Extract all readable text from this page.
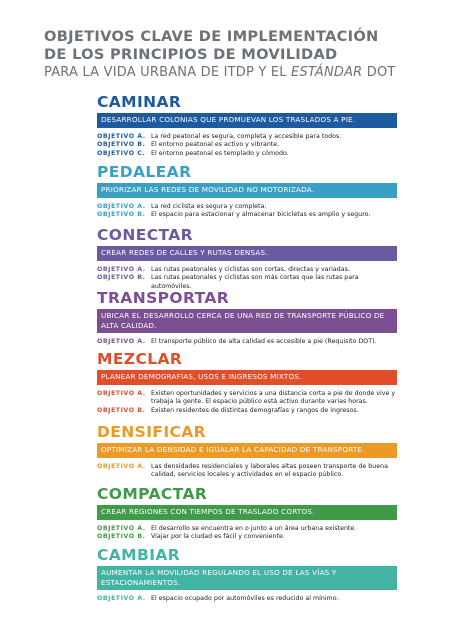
OBJETIVOS CLAVE DE IMPLEMENTACIÓN
DE LOS PRINCIPIOS DE MOVILIDAD
PARA LA VIDA URBANA DE ITDP Y EL ESTÁNDAR DOT
CAMINAR
DESARROLLAR COLONIAS QUE PROMUEVAN LOS TRASLADOS A PIE.
OBJETIVO A. La red peatonal es segura, completa y accesible para todos.
OBJETIVO B. El entorno peatonal es activo y vibrante.
OBJETIVO C. El entorno peatonal es templado y cómodo.
PEDALEAR
PRIORIZAR LAS REDES DE MOVILIDAD NO MOTORIZADA.
OBJETIVO A. La red ciclista es segura y completa.
OBJETIVO B. El espacio para estacionar y almacenar bicicletas es amplio y seguro.
CONECTAR
CREAR REDES DE CALLES Y RUTAS DENSAS.
OBJETIVO A. Las rutas peatonales y ciclistas son cortas, directas y variadas.
OBJETIVO B. Las rutas peatonales y ciclistas son más cortas que las rutas para automóviles.
TRANSPORTAR
UBICAR EL DESARROLLO CERCA DE UNA RED DE TRANSPORTE PÚBLICO DE ALTA CALIDAD.
OBJETIVO A. El transporte público de alta calidad es accesible a pie (Requisito DOT).
MEZCLAR
PLANEAR DEMOGRAFÍAS, USOS E INGRESOS MIXTOS.
OBJETIVO A. Existen oportunidades y servicios a una distancia corta a pie de donde vive y trabaja la gente. El espacio público está activo durante varias horas.
OBJETIVO B. Existen residentes de distintas demografías y rangos de ingresos.
DENSIFICAR
OPTIMIZAR LA DENSIDAD E IGUALAR LA CAPACIDAD DE TRANSPORTE.
OBJETIVO A. Las densidades residenciales y laborales altas poseen transporte de buena calidad, servicios locales y actividades en el espacio público.
COMPACTAR
CREAR REGIONES CON TIEMPOS DE TRASLADO CORTOS.
OBJETIVO A. El desarrollo se encuentra en o junto a un área urbana existente.
OBJETIVO B. Viajar por la ciudad es fácil y conveniente.
CAMBIAR
AUMENTAR LA MOVILIDAD REGULANDO EL USO DE LAS VÍAS Y ESTACIONAMIENTOS.
OBJETIVO A. El espacio ocupado por automóviles es reducido al mínimo.
